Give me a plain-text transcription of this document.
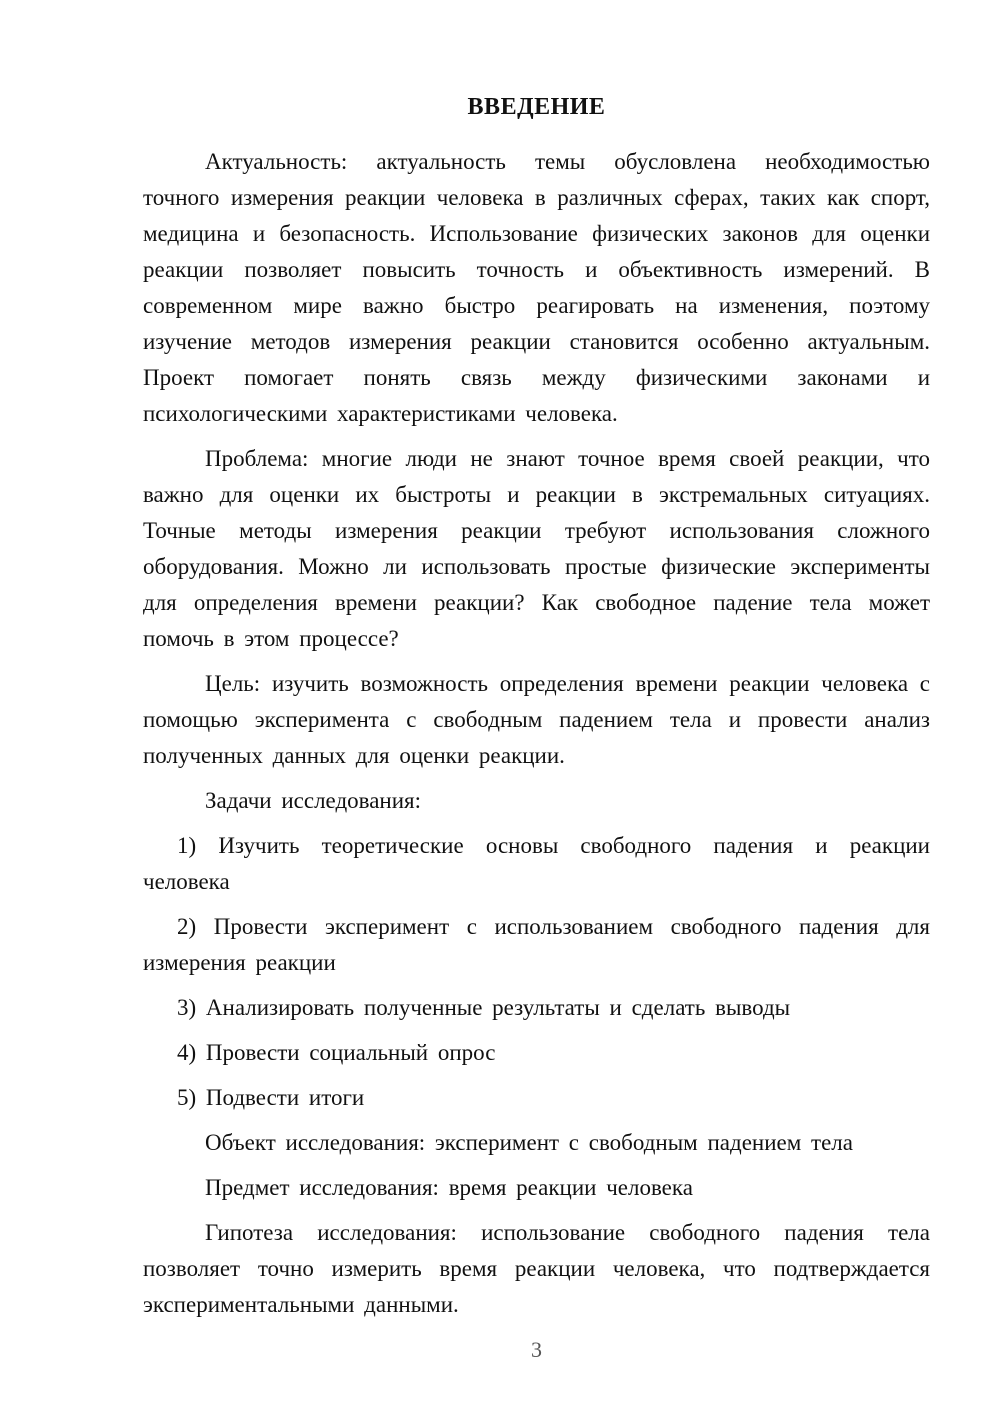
ВВЕДЕНИЕ

Актуальность: актуальность темы обусловлена необходимостью точного измерения реакции человека в различных сферах, таких как спорт, медицина и безопасность. Использование физических законов для оценки реакции позволяет повысить точность и объективность измерений. В современном мире важно быстро реагировать на изменения, поэтому изучение методов измерения реакции становится особенно актуальным. Проект помогает понять связь между физическими законами и психологическими характеристиками человека.

Проблема: многие люди не знают точное время своей реакции, что важно для оценки их быстроты и реакции в экстремальных ситуациях. Точные методы измерения реакции требуют использования сложного оборудования. Можно ли использовать простые физические эксперименты для определения времени реакции? Как свободное падение тела может помочь в этом процессе?

Цель: изучить возможность определения времени реакции человека с помощью эксперимента с свободным падением тела и провести анализ полученных данных для оценки реакции.

Задачи исследования:

1) Изучить теоретические основы свободного падения и реакции человека

2) Провести эксперимент с использованием свободного падения для измерения реакции

3) Анализировать полученные результаты и сделать выводы

4) Провести социальный опрос

5) Подвести итоги

Объект исследования: эксперимент с свободным падением тела

Предмет исследования: время реакции человека

Гипотеза исследования: использование свободного падения тела позволяет точно измерить время реакции человека, что подтверждается экспериментальными данными.

3
